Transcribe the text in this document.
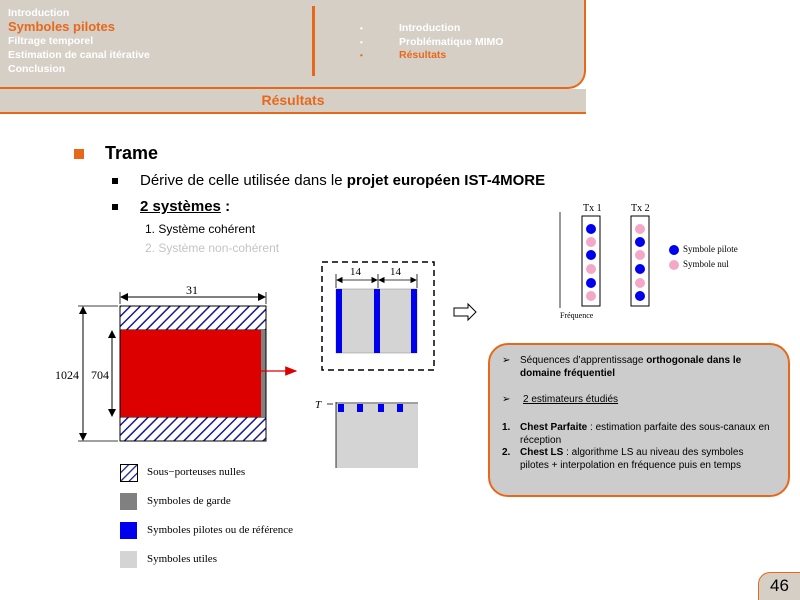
Introduction
Symboles pilotes
Filtrage temporel
Estimation de canal itérative
Conclusion
•	Introduction
•	Problématique MIMO
•	Résultats
Résultats
Trame
Dérive de celle utilisée dans le projet européen IST-4MORE
2 systèmes :
1. Système cohérent
2. Système non-cohérent
31
1024 704
14	14
T
Tx 1	Tx 2
Symbole pilote
Symbole nul
Fréquence
Sous−porteuses nulles
Symboles de garde
Symboles pilotes ou de référence
Symboles utiles
➢ Séquences d’apprentissage orthogonale dans le domaine fréquentiel
➢	2 estimateurs étudiés
1. Chest Parfaite : estimation parfaite des sous-canaux en réception
2. Chest LS : algorithme LS au niveau des symboles pilotes + interpolation en fréquence puis en temps
46
